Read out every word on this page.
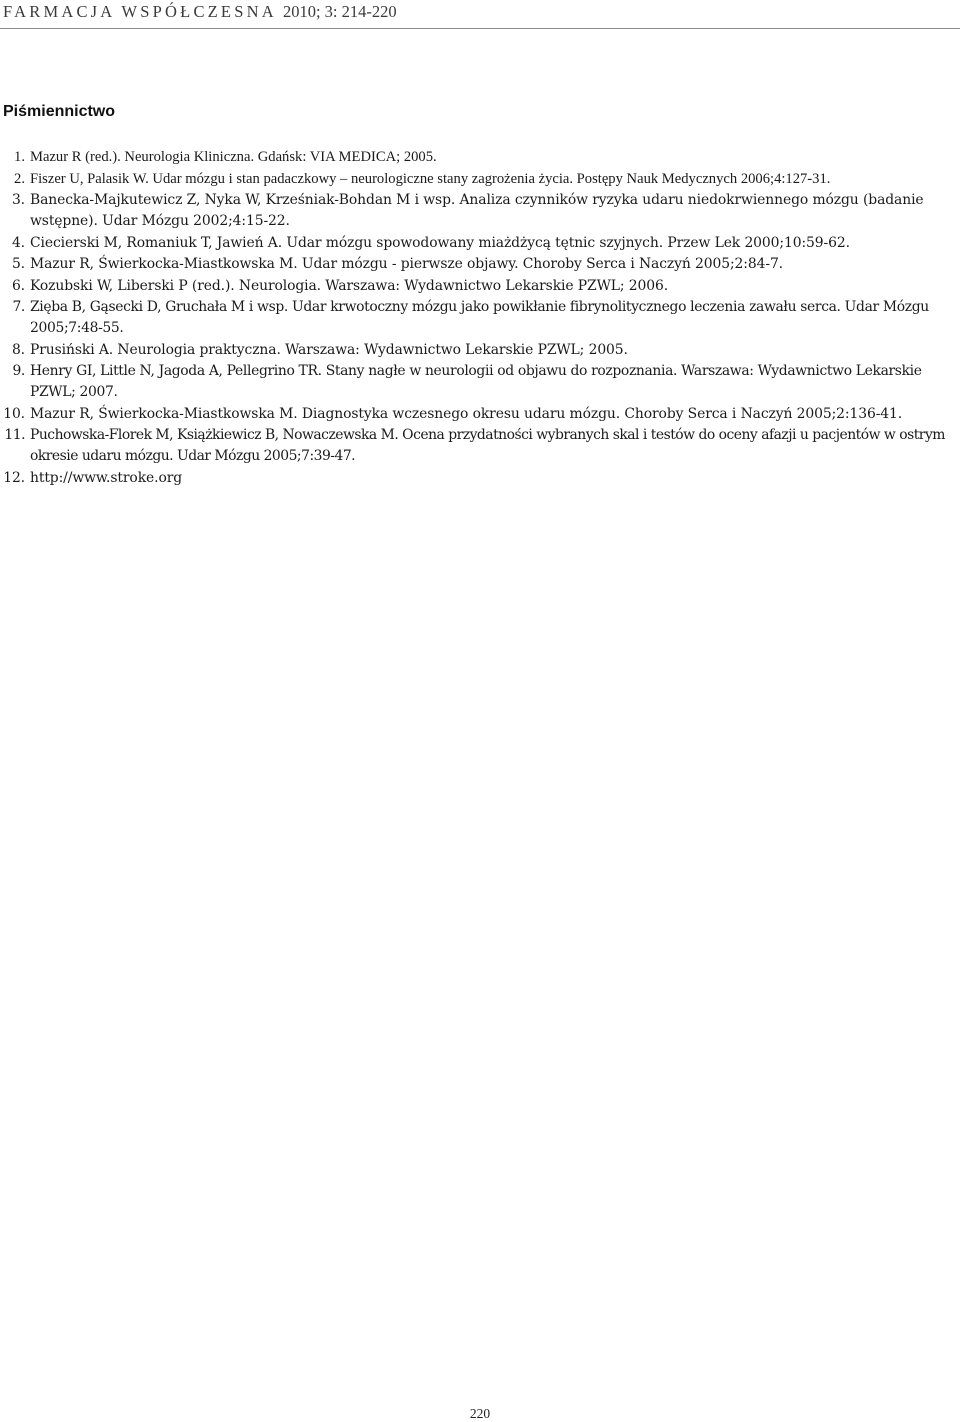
FARMACJA WSPÓŁCZESNA 2010; 3: 214-220
Piśmiennictwo
1. Mazur R (red.). Neurologia Kliniczna. Gdańsk: VIA MEDICA; 2005.
2. Fiszer U, Palasik W. Udar mózgu i stan padaczkowy – neurologiczne stany zagrożenia życia. Postępy Nauk Medycznych 2006;4:127-31.
3. Banecka-Majkutewicz Z, Nyka W, Krześniak-Bohdan M i wsp. Analiza czynników ryzyka udaru niedokrwiennego mózgu (badanie wstępne). Udar Mózgu 2002;4:15-22.
4. Ciecierski M, Romaniuk T, Jawień A. Udar mózgu spowodowany miażdżycą tętnic szyjnych. Przew Lek 2000;10:59-62.
5. Mazur R, Świerkocka-Miastkowska M. Udar mózgu - pierwsze objawy. Choroby Serca i Naczyń 2005;2:84-7.
6. Kozubski W, Liberski P (red.). Neurologia. Warszawa: Wydawnictwo Lekarskie PZWL; 2006.
7. Zięba B, Gąsecki D, Gruchała M i wsp. Udar krwotoczny mózgu jako powikłanie fibrynolitycznego leczenia zawału serca. Udar Mózgu 2005;7:48-55.
8. Prusiński A. Neurologia praktyczna. Warszawa: Wydawnictwo Lekarskie PZWL; 2005.
9. Henry GI, Little N, Jagoda A, Pellegrino TR. Stany nagłe w neurologii od objawu do rozpoznania. Warszawa: Wydawnictwo Lekarskie PZWL; 2007.
10. Mazur R, Świerkocka-Miastkowska M. Diagnostyka wczesnego okresu udaru mózgu. Choroby Serca i Naczyń 2005;2:136-41.
11. Puchowska-Florek M, Książkiewicz B, Nowaczewska M. Ocena przydatności wybranych skal i testów do oceny afazji u pacjentów w ostrym okresie udaru mózgu. Udar Mózgu 2005;7:39-47.
12. http://www.stroke.org
220
